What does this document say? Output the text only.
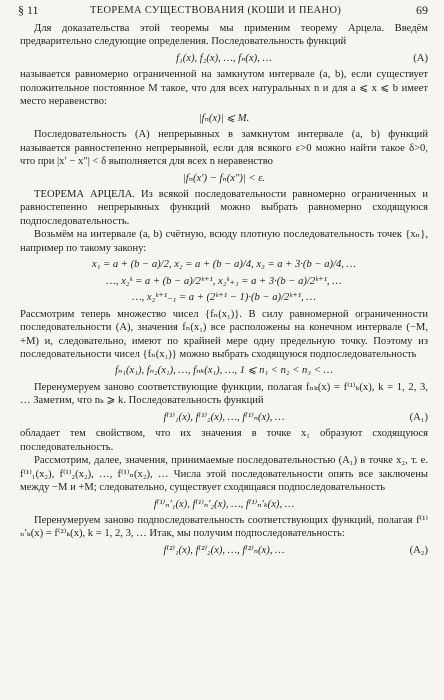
§ 11	ТЕОРЕМА СУЩЕСТВОВАНИЯ (КОШИ И ПЕАНО)	69

Для доказательства этой теоремы мы применим теорему Арцела. Введём предварительно следующие определения. Последовательность функций

f₁(x), f₂(x), …, fₙ(x), …	(A)

называется равномерно ограниченной на замкнутом интервале (a, b), если существует положительное постоянное M такое, что для всех натуральных n и для a ⩽ x ⩽ b имеет место неравенство:

|fₙ(x)| ⩽ M.

Последовательность (A) непрерывных в замкнутом интервале (a, b) функций называется равностепенно непрерывной, если для всякого ε>0 можно найти такое δ>0, что при |x′ − x″| < δ выполняется для всех n неравенство

|fₙ(x′) − fₙ(x″)| < ε.

ТЕОРЕМА АРЦЕЛА. Из всякой последовательности равномерно ограниченных и равностепенно непрерывных функций можно выбрать равномерно сходящуюся подпоследовательность.

Возьмём на интервале (a, b) счётную, всюду плотную последовательность точек {xₙ}, например по такому закону:

x₁ = a + (b − a)/2, x₂ = a + (b − a)/4, x₃ = a + 3·(b − a)/4, …
…, x₂ᵏ = a + (b − a)/2ᵏ⁺¹, x₂ᵏ₊₁ = a + 3·(b − a)/2ᵏ⁺¹, …
…, x₂ᵏ⁺¹₋₁ = a + (2ᵏ⁺¹ − 1)·(b − a)/2ᵏ⁺¹, …

Рассмотрим теперь множество чисел {fₙ(x₁)}. В силу равномерной ограниченности последовательности (A), значения fₙ(x₁) все расположены на конечном интервале (−M, +M) и, следовательно, имеют по крайней мере одну предельную точку. Поэтому из последовательности чисел {fₙ(x₁)} можно выбрать сходящуюся подпоследовательность

fₙ₁(x₁), fₙ₂(x₁), …, fₙₖ(x₁), …, 1 ⩽ n₁ < n₂ < n₃ < …

Перенумеруем заново соответствующие функции, полагая fₙₖ(x) = f⁽¹⁾ₖ(x), k = 1, 2, 3, … Заметим, что nₖ ⩾ k. Последовательность функций

f⁽¹⁾₁(x), f⁽¹⁾₂(x), …, f⁽¹⁾ₙ(x), …	(A₁)

обладает тем свойством, что их значения в точке x₁ образуют сходящуюся последовательность.

Рассмотрим, далее, значения, принимаемые последовательностью (A₁) в точке x₂, т. е. f⁽¹⁾₁(x₂), f⁽¹⁾₂(x₂), …, f⁽¹⁾ₙ(x₂), … Числа этой последовательности опять все заключены между −M и +M; следовательно, существует сходящаяся подпоследовательность

f⁽¹⁾ₙ′₁(x), f⁽¹⁾ₙ′₂(x), …, f⁽¹⁾ₙ′ₖ(x), …

Перенумеруем заново подпоследовательность соответствующих функций, полагая f⁽¹⁾ₙ′ₖ(x) = f⁽²⁾ₖ(x), k = 1, 2, 3, … Итак, мы получим подпоследовательность:

f⁽²⁾₁(x), f⁽²⁾₂(x), …, f⁽²⁾ₙ(x), …	(A₂)
